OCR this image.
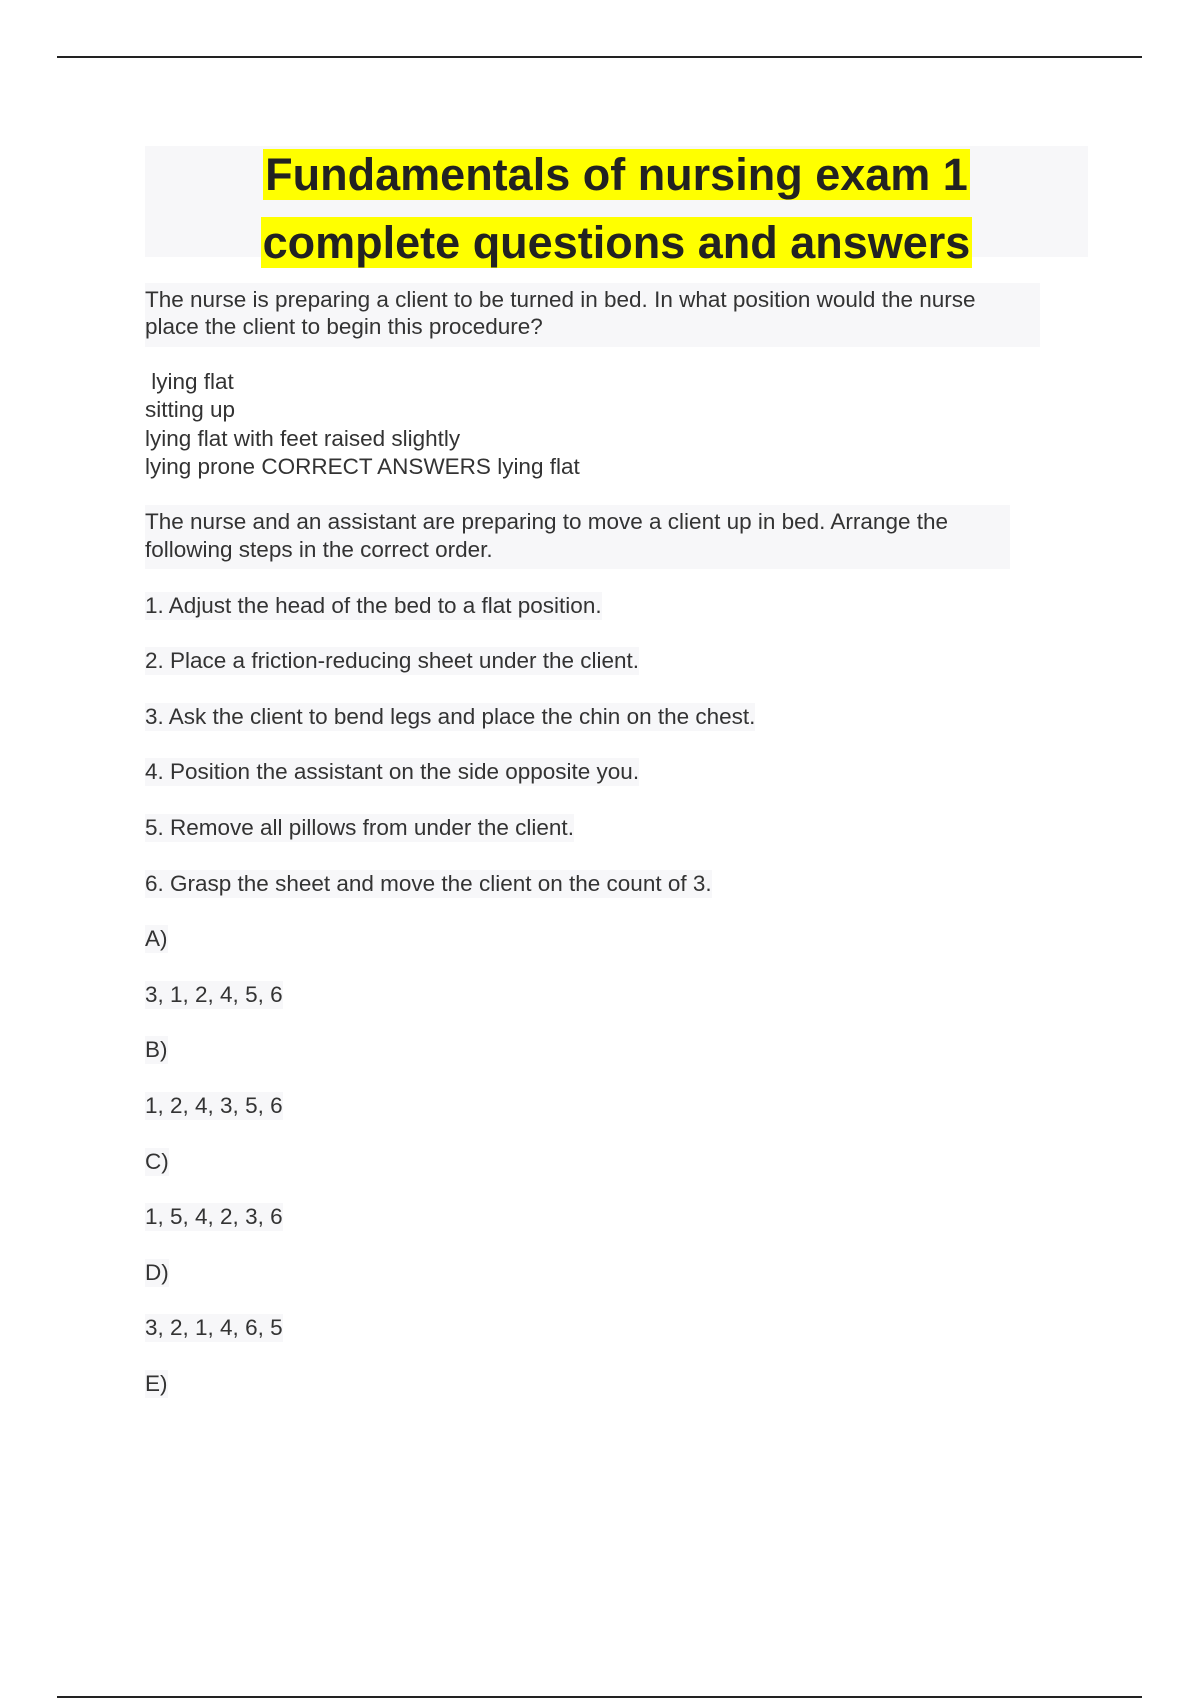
Fundamentals of nursing exam 1
complete questions and answers
The nurse is preparing a client to be turned in bed. In what position would the nurse
place the client to begin this procedure?
lying flat
sitting up
lying flat with feet raised slightly
lying prone CORRECT ANSWERS lying flat
The nurse and an assistant are preparing to move a client up in bed. Arrange the
following steps in the correct order.
1. Adjust the head of the bed to a flat position.
2. Place a friction-reducing sheet under the client.
3. Ask the client to bend legs and place the chin on the chest.
4. Position the assistant on the side opposite you.
5. Remove all pillows from under the client.
6. Grasp the sheet and move the client on the count of 3.
A)
3, 1, 2, 4, 5, 6
B)
1, 2, 4, 3, 5, 6
C)
1, 5, 4, 2, 3, 6
D)
3, 2, 1, 4, 6, 5
E)
